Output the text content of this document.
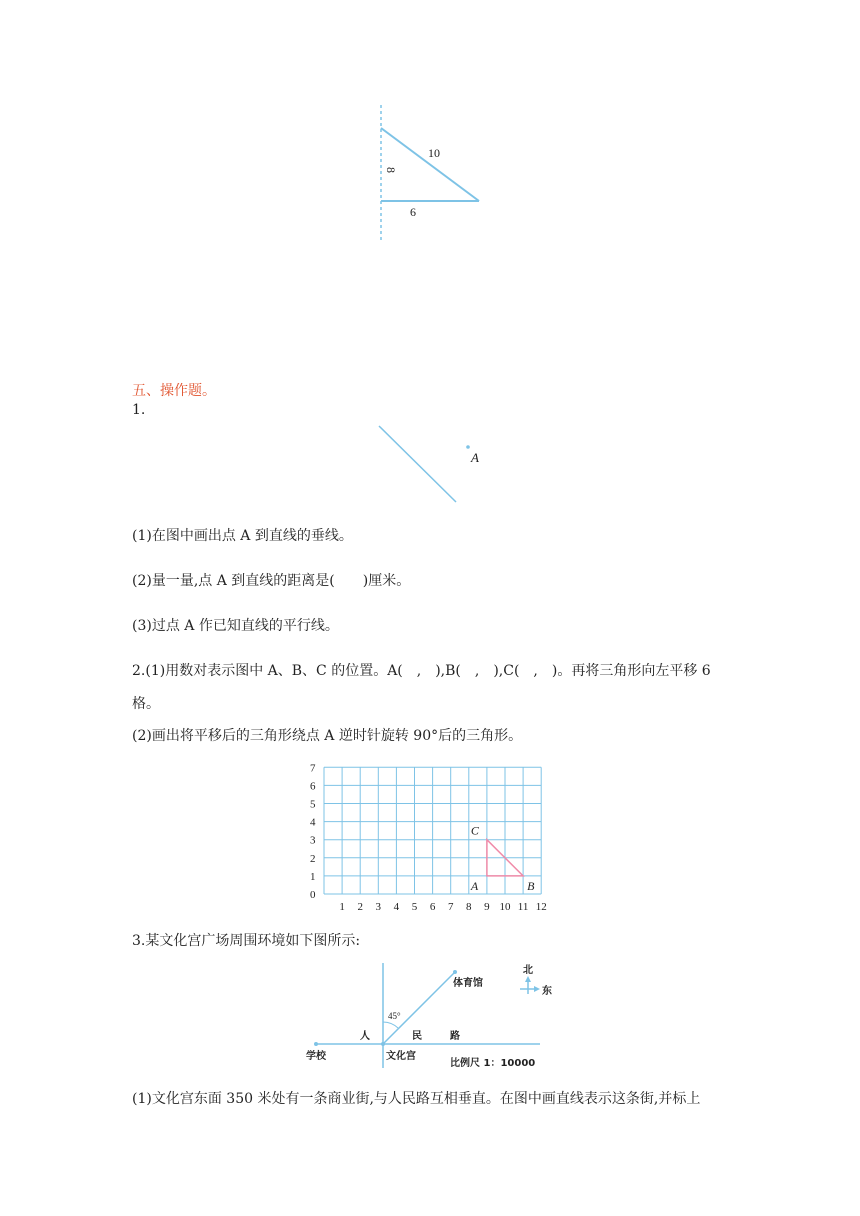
10
8
6
五、操作题。
1.
A
(1)在图中画出点 A 到直线的垂线。
(2)量一量,点 A 到直线的距离是(　　)厘米。
(3)过点 A 作已知直线的平行线。
2.(1)用数对表示图中 A、B、C 的位置。A(　,　),B(　,　),C(　,　)。再将三角形向左平移 6
格。
(2)画出将平移后的三角形绕点 A 逆时针旋转 90°后的三角形。
7
6
5
4
3
2
1
0
1 2 3 4 5 6 7 8 9 10 11 12
A	B
C
3.某文化宫广场周围环境如下图所示:
北
东
体育馆
45°
人	民	路
学校	文化宫
比例尺 1：10000
(1)文化宫东面 350 米处有一条商业街,与人民路互相垂直。在图中画直线表示这条街,并标上
